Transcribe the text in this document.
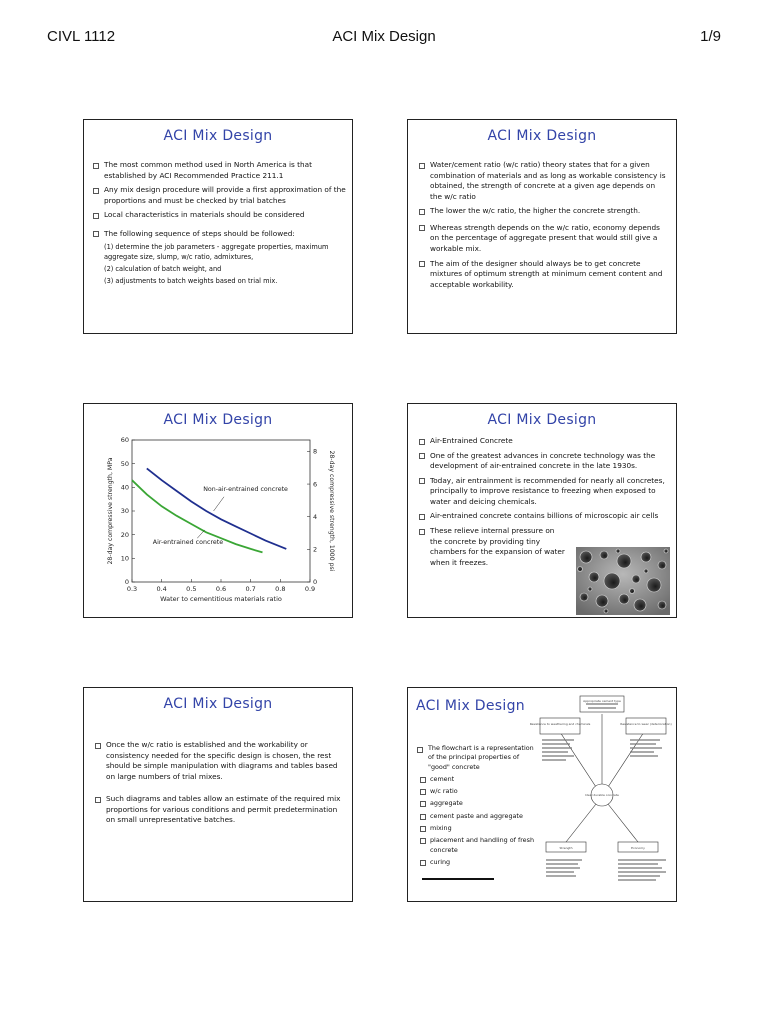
CIVL 1112	ACI Mix Design	1/9
ACI Mix Design
The most common method used in North America is that established by ACI Recommended Practice 211.1
Any mix design procedure will provide a first approximation of the proportions and must be checked by trial batches
Local characteristics in materials should be considered
The following sequence of steps should be followed:
(1) determine the job parameters - aggregate properties, maximum aggregate size, slump, w/c ratio, admixtures,
(2) calculation of batch weight, and
(3) adjustments to batch weights based on trial mix.
ACI Mix Design
Water/cement ratio (w/c ratio) theory states that for a given combination of materials and as long as workable consistency is obtained, the strength of concrete at a given age depends on the w/c ratio
The lower the w/c ratio, the higher the concrete strength.
Whereas strength depends on the w/c ratio, economy depends on the percentage of aggregate present that would still give a workable mix.
The aim of the designer should always be to get concrete mixtures of optimum strength at minimum cement content and acceptable workability.
ACI Mix Design
0.3	0.4	0.5	0.6	0.7	0.8	0.9
0
10
20
30
40
50
60
0
2
4
6
8
Water to cementitious materials ratio
28-day compressive strength, MPa	28-day compressive strength, 1000 psi
Non-air-entrained concrete
Air-entrained concrete
ACI Mix Design
Air-Entrained Concrete
One of the greatest advances in concrete technology was the development of air-entrained concrete in the late 1930s.
Today, air entrainment is recommended for nearly all concretes, principally to improve resistance to freezing when exposed to water and deicing chemicals.
Air-entrained concrete contains billions of microscopic air cells
These relieve internal pressure on the concrete by providing tiny chambers for the expansion of water when it freezes.
ACI Mix Design
Once the w/c ratio is established and the workability or consistency needed for the specific design is chosen, the rest should be simple manipulation with diagrams and tables based on large numbers of trial mixes.
Such diagrams and tables allow an estimate of the required mix proportions for various conditions and permit predetermination on small unrepresentative batches.
ACI Mix Design
The flowchart is a representation of the principal properties of "good" concrete
cement
w/c ratio
aggregate
cement paste and aggregate
mixing
placement and handling of fresh concrete
curing
Appropriate cement type
Resistance to weathering and chemicals	Resistance to wear (deterioration)
Ideal durable concrete
Strength	Economy
